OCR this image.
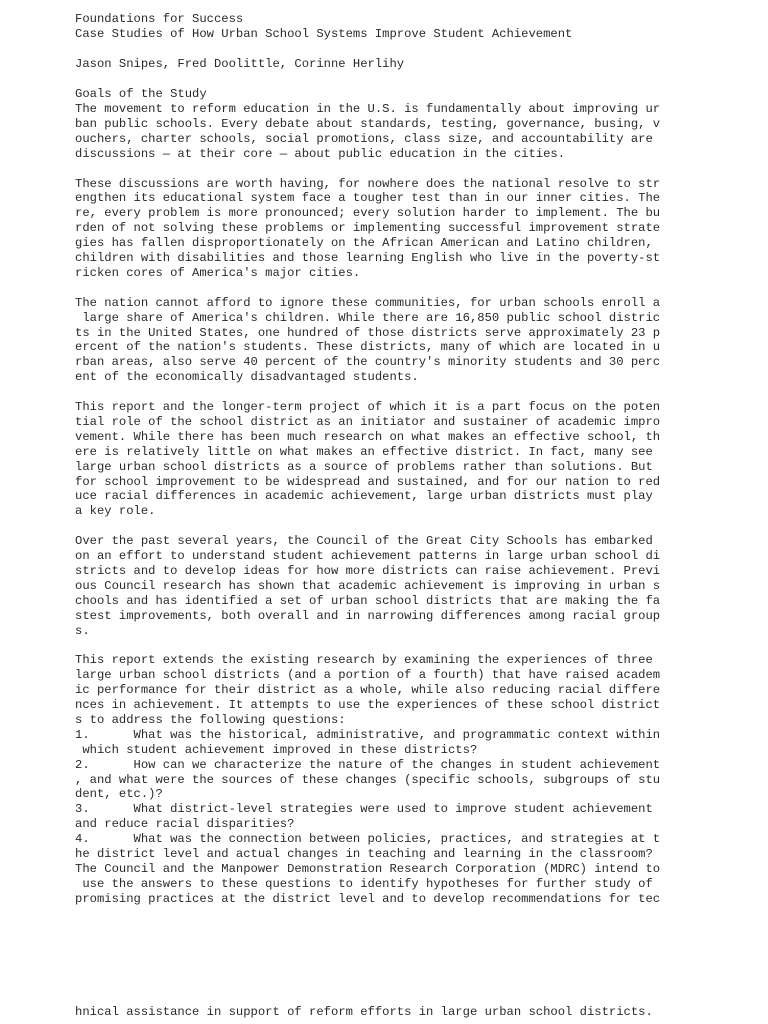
Foundations for Success

Case Studies of How Urban School Systems Improve Student Achievement

Jason Snipes, Fred Doolittle, Corinne Herlihy

Goals of the Study

The movement to reform education in the U.S. is fundamentally about improving ur

ban public schools. Every debate about standards, testing, governance, busing, v

ouchers, charter schools, social promotions, class size, and accountability are

discussions — at their core — about public education in the cities.

These discussions are worth having, for nowhere does the national resolve to str

engthen its educational system face a tougher test than in our inner cities. The

re, every problem is more pronounced; every solution harder to implement. The bu

rden of not solving these problems or implementing successful improvement strate

gies has fallen disproportionately on the African American and Latino children,

children with disabilities and those learning English who live in the poverty-st

ricken cores of America's major cities.

The nation cannot afford to ignore these communities, for urban schools enroll a

large share of America's children. While there are 16,850 public school distric

ts in the United States, one hundred of those districts serve approximately 23 p

ercent of the nation's students. These districts, many of which are located in u

rban areas, also serve 40 percent of the country's minority students and 30 perc

ent of the economically disadvantaged students.

This report and the longer-term project of which it is a part focus on the poten

tial role of the school district as an initiator and sustainer of academic impro

vement. While there has been much research on what makes an effective school, th

ere is relatively little on what makes an effective district. In fact, many see

large urban school districts as a source of problems rather than solutions. But

for school improvement to be widespread and sustained, and for our nation to red

uce racial differences in academic achievement, large urban districts must play

a key role.

Over the past several years, the Council of the Great City Schools has embarked

on an effort to understand student achievement patterns in large urban school di

stricts and to develop ideas for how more districts can raise achievement. Previ

ous Council research has shown that academic achievement is improving in urban s

chools and has identified a set of urban school districts that are making the fa

stest improvements, both overall and in narrowing differences among racial group

s.

This report extends the existing research by examining the experiences of three

large urban school districts (and a portion of a fourth) that have raised academ

ic performance for their district as a whole, while also reducing racial differe

nces in achievement. It attempts to use the experiences of these school district

s to address the following questions:

1.      What was the historical, administrative, and programmatic context within

which student achievement improved in these districts?

2.      How can we characterize the nature of the changes in student achievement

, and what were the sources of these changes (specific schools, subgroups of stu

dent, etc.)?

3.      What district-level strategies were used to improve student achievement

and reduce racial disparities?

4.      What was the connection between policies, practices, and strategies at t

he district level and actual changes in teaching and learning in the classroom?

The Council and the Manpower Demonstration Research Corporation (MDRC) intend to

use the answers to these questions to identify hypotheses for further study of

promising practices at the district level and to develop recommendations for tec

hnical assistance in support of reform efforts in large urban school districts.
